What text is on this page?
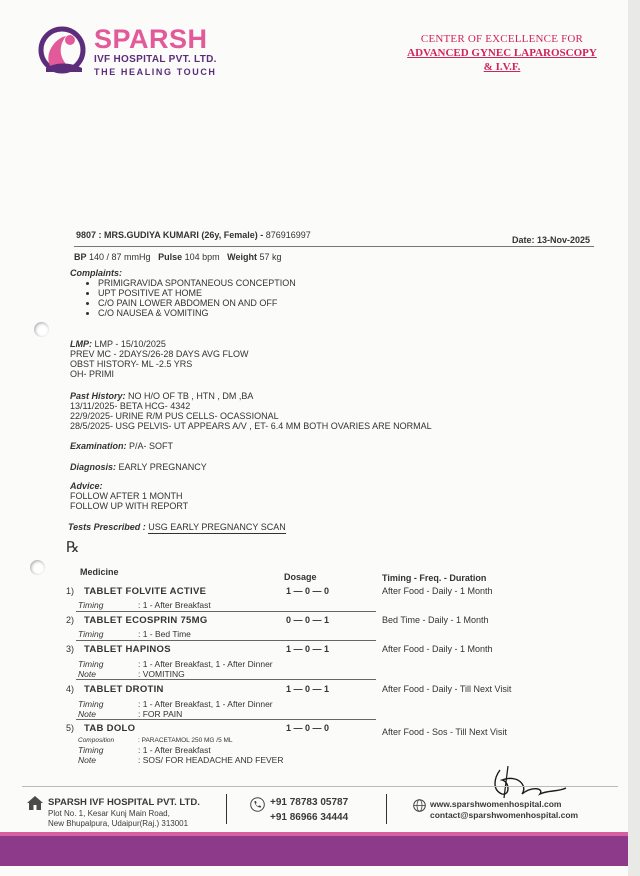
SPARSH
IVF HOSPITAL PVT. LTD.
THE HEALING TOUCH
CENTER OF EXCELLENCE FOR
ADVANCED GYNEC LAPAROSCOPY
& I.V.F.
9807 : MRS.GUDIYA KUMARI (26y, Female) - 876916997	Date: 13-Nov-2025
BP 140 / 87 mmHg Pulse 104 bpm Weight 57 kg
Complaints:
• PRIMIGRAVIDA SPONTANEOUS CONCEPTION
• UPT POSITIVE AT HOME
• C/O PAIN LOWER ABDOMEN ON AND OFF
• C/O NAUSEA & VOMITING
LMP: LMP - 15/10/2025
PREV MC - 2DAYS/26-28 DAYS AVG FLOW
OBST HISTORY- ML -2.5 YRS
OH- PRIMI
Past History: NO H/O OF TB , HTN , DM ,BA
13/11/2025- BETA HCG- 4342
22/9/2025- URINE R/M PUS CELLS- OCASSIONAL
28/5/2025- USG PELVIS- UT APPEARS A/V , ET- 6.4 MM BOTH OVARIES ARE NORMAL
Examination: P/A- SOFT
Diagnosis: EARLY PREGNANCY
Advice:
FOLLOW AFTER 1 MONTH
FOLLOW UP WITH REPORT
Tests Prescribed : USG EARLY PREGNANCY SCAN
℞
Medicine	Dosage	Timing - Freq. - Duration
1) TABLET FOLVITE ACTIVE	1 — 0 — 0	After Food - Daily - 1 Month
Timing	: 1 - After Breakfast
2) TABLET ECOSPRIN 75MG	0 — 0 — 1	Bed Time - Daily - 1 Month
Timing	: 1 - Bed Time
3) TABLET HAPINOS	1 — 0 — 1	After Food - Daily - 1 Month
Timing	: 1 - After Breakfast, 1 - After Dinner
Note	: VOMITING
4) TABLET DROTIN	1 — 0 — 1	After Food - Daily - Till Next Visit
Timing	: 1 - After Breakfast, 1 - After Dinner
Note	: FOR PAIN
5) TAB DOLO	1 — 0 — 0	After Food - Sos - Till Next Visit
Composition	: PARACETAMOL 250 MG /5 ML
Timing	: 1 - After Breakfast
Note	: SOS/ FOR HEADACHE AND FEVER
SPARSH IVF HOSPITAL PVT. LTD.
Plot No. 1, Kesar Kunj Main Road,
New Bhupalpura, Udaipur(Raj.) 313001
+91 78783 05787
+91 86966 34444
www.sparshwomenhospital.com
contact@sparshwomenhospital.com
